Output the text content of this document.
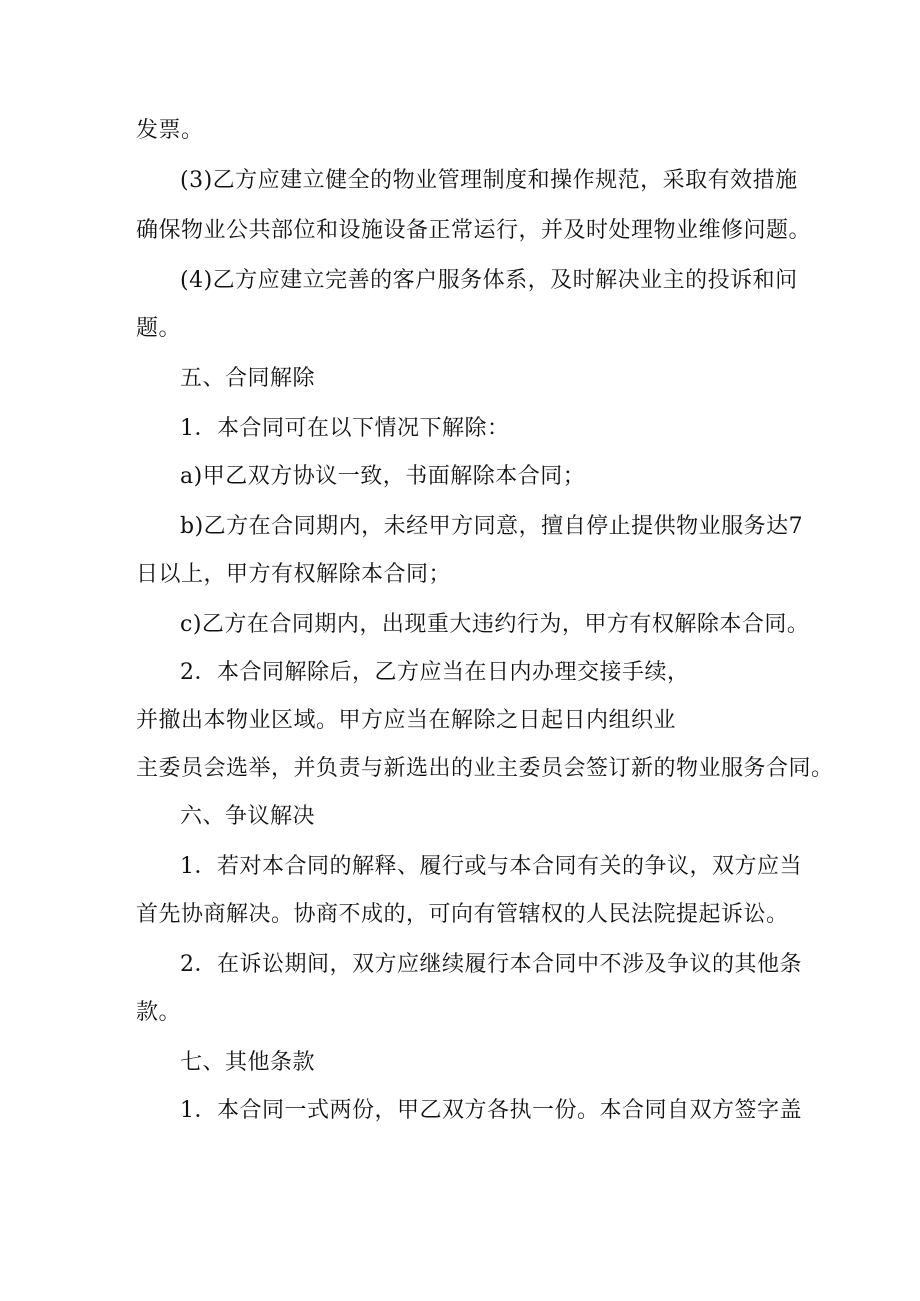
发票。

(3)乙方应建立健全的物业管理制度和操作规范，采取有效措施

确保物业公共部位和设施设备正常运行，并及时处理物业维修问题。

(4)乙方应建立完善的客户服务体系，及时解决业主的投诉和问

题。

五、合同解除

1．本合同可在以下情况下解除：

a)甲乙双方协议一致，书面解除本合同；

b)乙方在合同期内，未经甲方同意，擅自停止提供物业服务达7

日以上，甲方有权解除本合同；

c)乙方在合同期内，出现重大违约行为，甲方有权解除本合同。

2．本合同解除后，乙方应当在日内办理交接手续，

并撤出本物业区域。甲方应当在解除之日起日内组织业

主委员会选举，并负责与新选出的业主委员会签订新的物业服务合同。

六、争议解决

1．若对本合同的解释、履行或与本合同有关的争议，双方应当

首先协商解决。协商不成的，可向有管辖权的人民法院提起诉讼。

2．在诉讼期间，双方应继续履行本合同中不涉及争议的其他条

款。

七、其他条款

1．本合同一式两份，甲乙双方各执一份。本合同自双方签字盖
